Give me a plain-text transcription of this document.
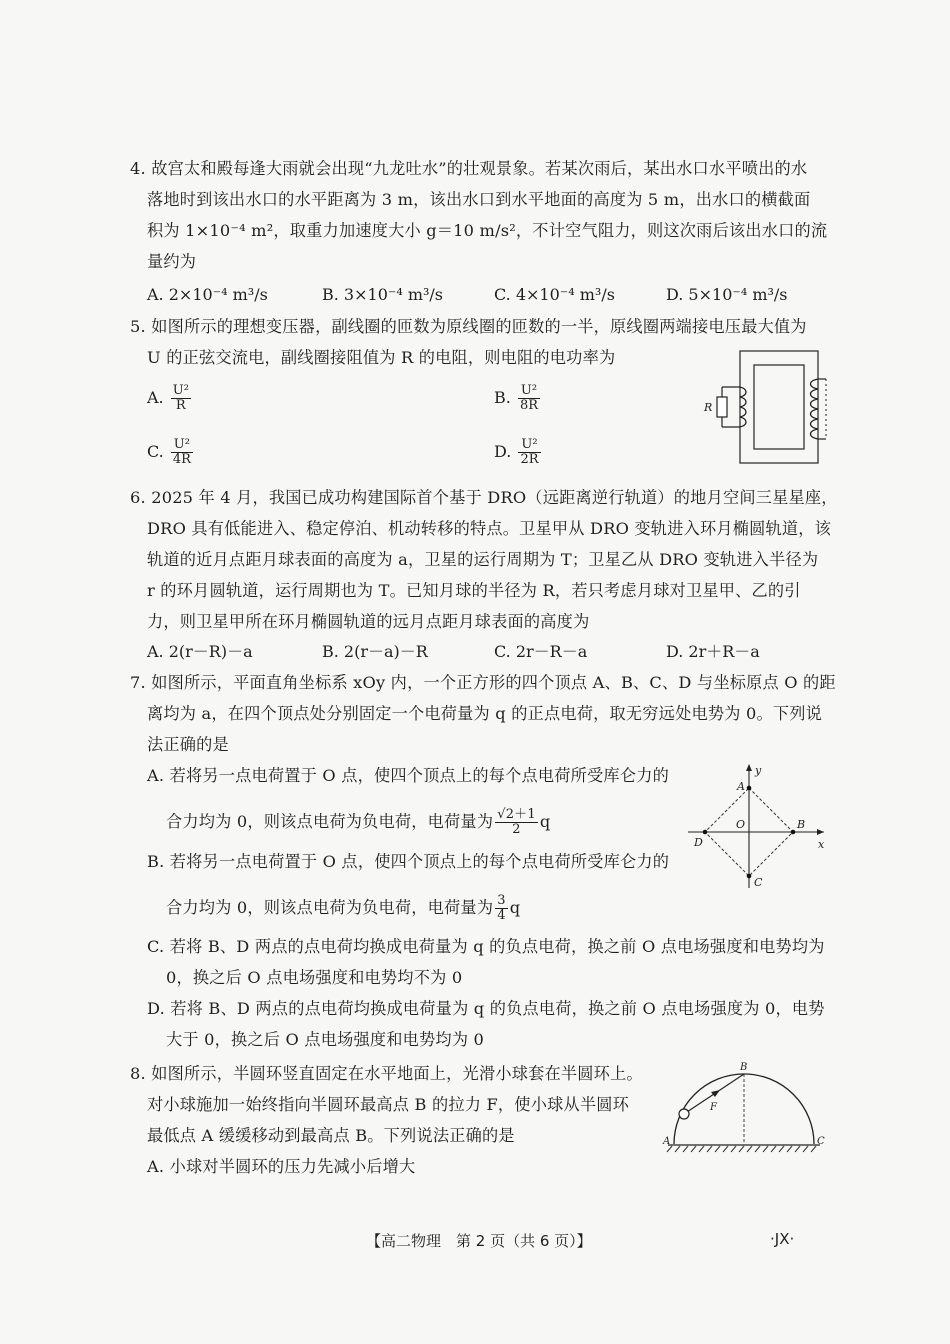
4. 故宫太和殿每逢大雨就会出现“九龙吐水”的壮观景象。若某次雨后，某出水口水平喷出的水
落地时到该出水口的水平距离为 3 m，该出水口到水平地面的高度为 5 m，出水口的横截面
积为 1×10⁻⁴ m²，取重力加速度大小 g＝10 m/s²，不计空气阻力，则这次雨后该出水口的流
量约为
A. 2×10⁻⁴ m³/s	B. 3×10⁻⁴ m³/s	C. 4×10⁻⁴ m³/s	D. 5×10⁻⁴ m³/s
5. 如图所示的理想变压器，副线圈的匝数为原线圈的匝数的一半，原线圈两端接电压最大值为
U 的正弦交流电，副线圈接阻值为 R 的电阻，则电阻的电功率为
A. $\frac{\text{U²}}{R}$	B. $\frac{\text{U²}}{8R}$
C. $\frac{\text{U²}}{4R}$	D. $\frac{\text{U²}}{2R}$
R
6. 2025 年 4 月，我国已成功构建国际首个基于 DRO（远距离逆行轨道）的地月空间三星星座，
DRO 具有低能进入、稳定停泊、机动转移的特点。卫星甲从 DRO 变轨进入环月椭圆轨道，该
轨道的近月点距月球表面的高度为 a，卫星的运行周期为 T；卫星乙从 DRO 变轨进入半径为
r 的环月圆轨道，运行周期也为 T。已知月球的半径为 R，若只考虑月球对卫星甲、乙的引
力，则卫星甲所在环月椭圆轨道的远月点距月球表面的高度为
A. 2(r－R)－a	B. 2(r－a)－R	C. 2r－R－a	D. 2r＋R－a
7. 如图所示，平面直角坐标系 xOy 内，一个正方形的四个顶点 A、B、C、D 与坐标原点 O 的距
离均为 a，在四个顶点处分别固定一个电荷量为 q 的正点电荷，取无穷远处电势为 0。下列说
法正确的是
A. 若将另一点电荷置于 O 点，使四个顶点上的每个点电荷所受库仑力的
合力均为 0，则该点电荷为负电荷，电荷量为 $\frac{√2+1}{2}$ q
B. 若将另一点电荷置于 O 点，使四个顶点上的每个点电荷所受库仑力的
合力均为 0，则该点电荷为负电荷，电荷量为 $\frac{3}{4}$ q
C. 若将 B、D 两点的点电荷均换成电荷量为 q 的负点电荷，换之前 O 点电场强度和电势均为
0，换之后 O 点电场强度和电势均不为 0
D. 若将 B、D 两点的点电荷均换成电荷量为 q 的负点电荷，换之前 O 点电场强度为 0，电势
大于 0，换之后 O 点电场强度和电势均为 0
y
x
A
B
C
D
O
8. 如图所示，半圆环竖直固定在水平地面上，光滑小球套在半圆环上。
对小球施加一始终指向半圆环最高点 B 的拉力 F，使小球从半圆环
最低点 A 缓缓移动到最高点 B。下列说法正确的是
A. 小球对半圆环的压力先减小后增大
B
A	C
F
【高二物理　第 2 页（共 6 页）】	·JX·
